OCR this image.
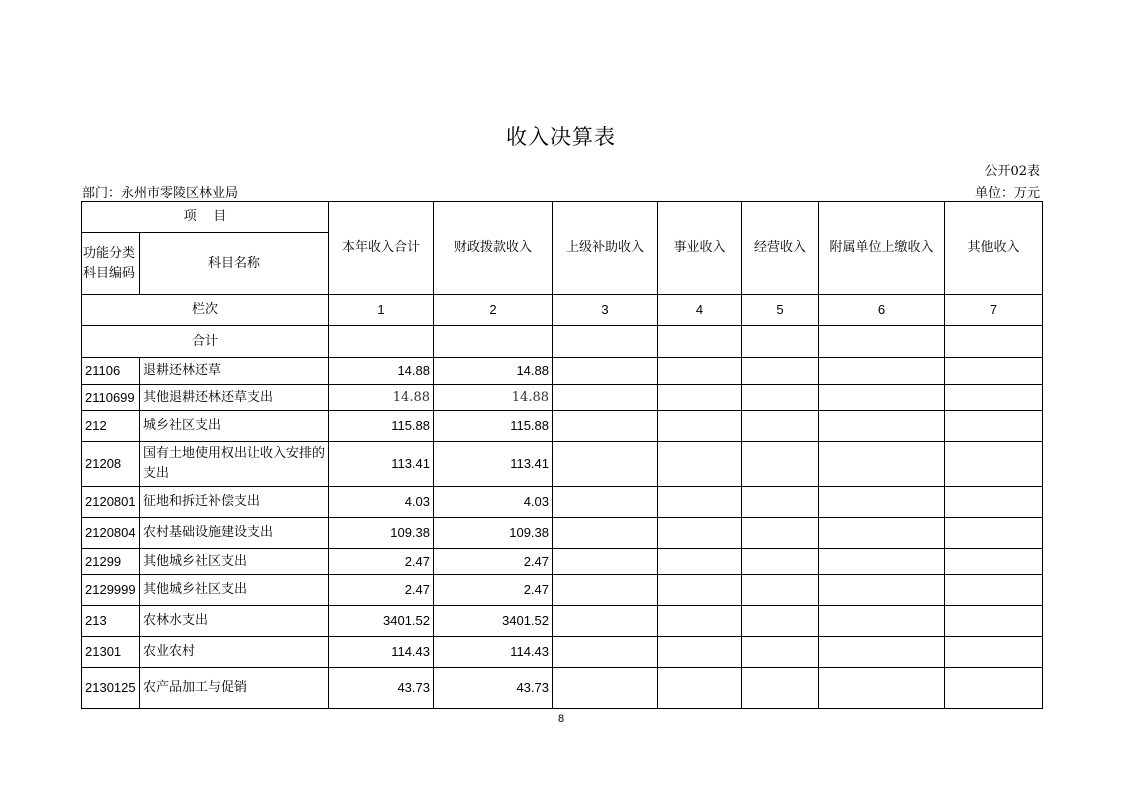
收入决算表
公开02表
部门：永州市零陵区林业局	单位：万元
项    目		本年收入合计	财政拨款收入	上级补助收入	事业收入	经营收入	附属单位上缴收入	其他收入
功能分类科目编码	科目名称							
栏次		1	2	3	4	5	6	7
合计								
21106	退耕还林还草	14.88	14.88					
2110699	其他退耕还林还草支出	14.88	14.88					
212	城乡社区支出	115.88	115.88					
21208	国有土地使用权出让收入安排的支出	113.41	113.41					
2120801	征地和拆迁补偿支出	4.03	4.03					
2120804	农村基础设施建设支出	109.38	109.38					
21299	其他城乡社区支出	2.47	2.47					
2129999	其他城乡社区支出	2.47	2.47					
213	农林水支出	3401.52	3401.52					
21301	农业农村	114.43	114.43					
2130125	农产品加工与促销	43.73	43.73					
8
